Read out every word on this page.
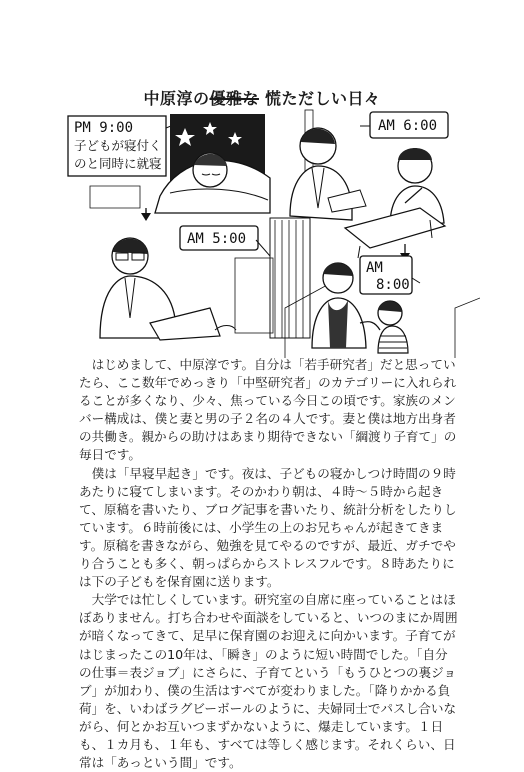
中原淳の優雅な 慌ただしい日々
PM 9:00
子どもが寝付く
のと同時に就寝
AM 5:00
AM 6:00
AM
8:00

はじめまして、中原淳です。自分は「若手研究者」だと思っていたら、ここ数年でめっきり「中堅研究者」のカテゴリーに入れられることが多くなり、少々、焦っている今日この頃です。家族のメンバー構成は、僕と妻と男の子２名の４人です。妻と僕は地方出身者の共働き。親からの助けはあまり期待できない「綱渡り子育て」の毎日です。

僕は「早寝早起き」です。夜は、子どもの寝かしつけ時間の９時あたりに寝てしまいます。そのかわり朝は、４時〜５時から起きて、原稿を書いたり、ブログ記事を書いたり、統計分析をしたりしています。６時前後には、小学生の上のお兄ちゃんが起きてきます。原稿を書きながら、勉強を見てやるのですが、最近、ガチでやり合うことも多く、朝っぱらからストレスフルです。８時あたりには下の子どもを保育園に送ります。

大学では忙しくしています。研究室の自席に座っていることはほぼありません。打ち合わせや面談をしていると、いつのまにか周囲が暗くなってきて、足早に保育園のお迎えに向かいます。子育てがはじまったこの10年は、「瞬き」のように短い時間でした。「自分の仕事＝表ジョブ」にさらに、子育てという「もうひとつの裏ジョブ」が加わり、僕の生活はすべてが変わりました。「降りかかる負荷」を、いわばラグビーボールのように、夫婦同士でパスし合いながら、何とかお互いつまずかないように、爆走しています。１日も、１カ月も、１年も、すべては等しく感じます。それくらい、日常は「あっという間」です。
